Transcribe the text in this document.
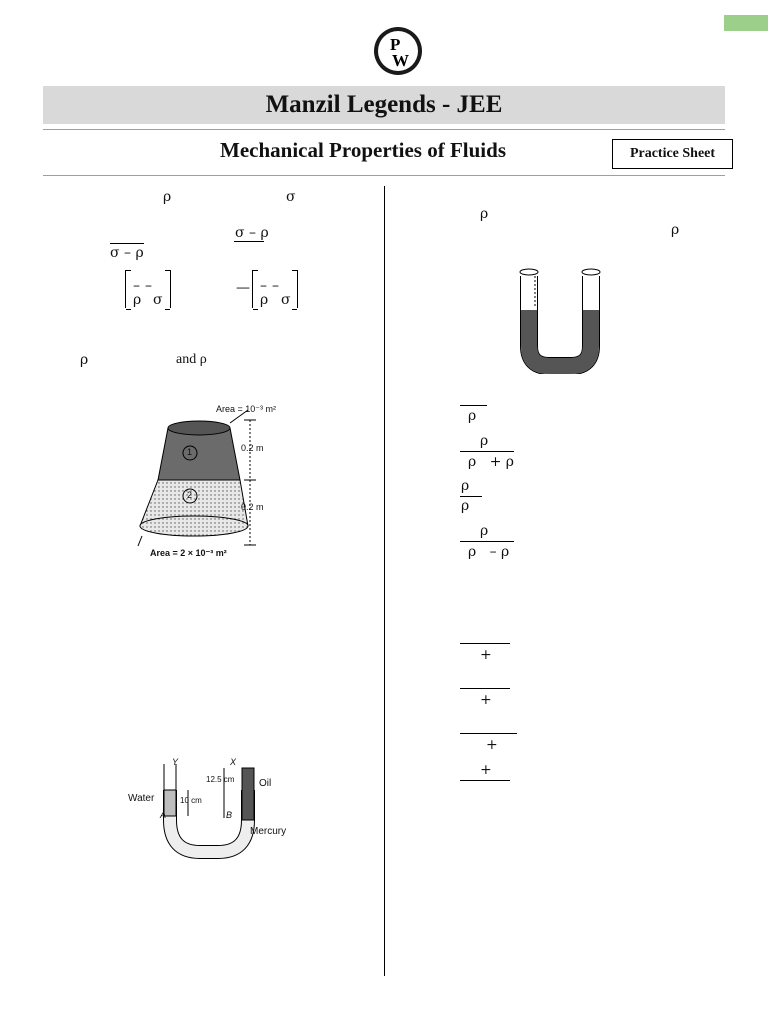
P
W
Manzil Legends - JEE
Mechanical Properties of Fluids	Practice Sheet
ρ	σ
σ – ρ
σ – ρ
– –
ρ σ
— – –
ρ σ
ρ	and ρ
Area = 10⁻³ m²
0.2 m
0.2 m
Area = 2 × 10⁻³ m²
1
2
Water
Oil
Mercury
10 cm
12.5 cm
Y	X
A	B
ρ
ρ
ρ
ρ
ρ   + ρ
ρ
ρ
ρ
ρ   – ρ
+
+
+
+
